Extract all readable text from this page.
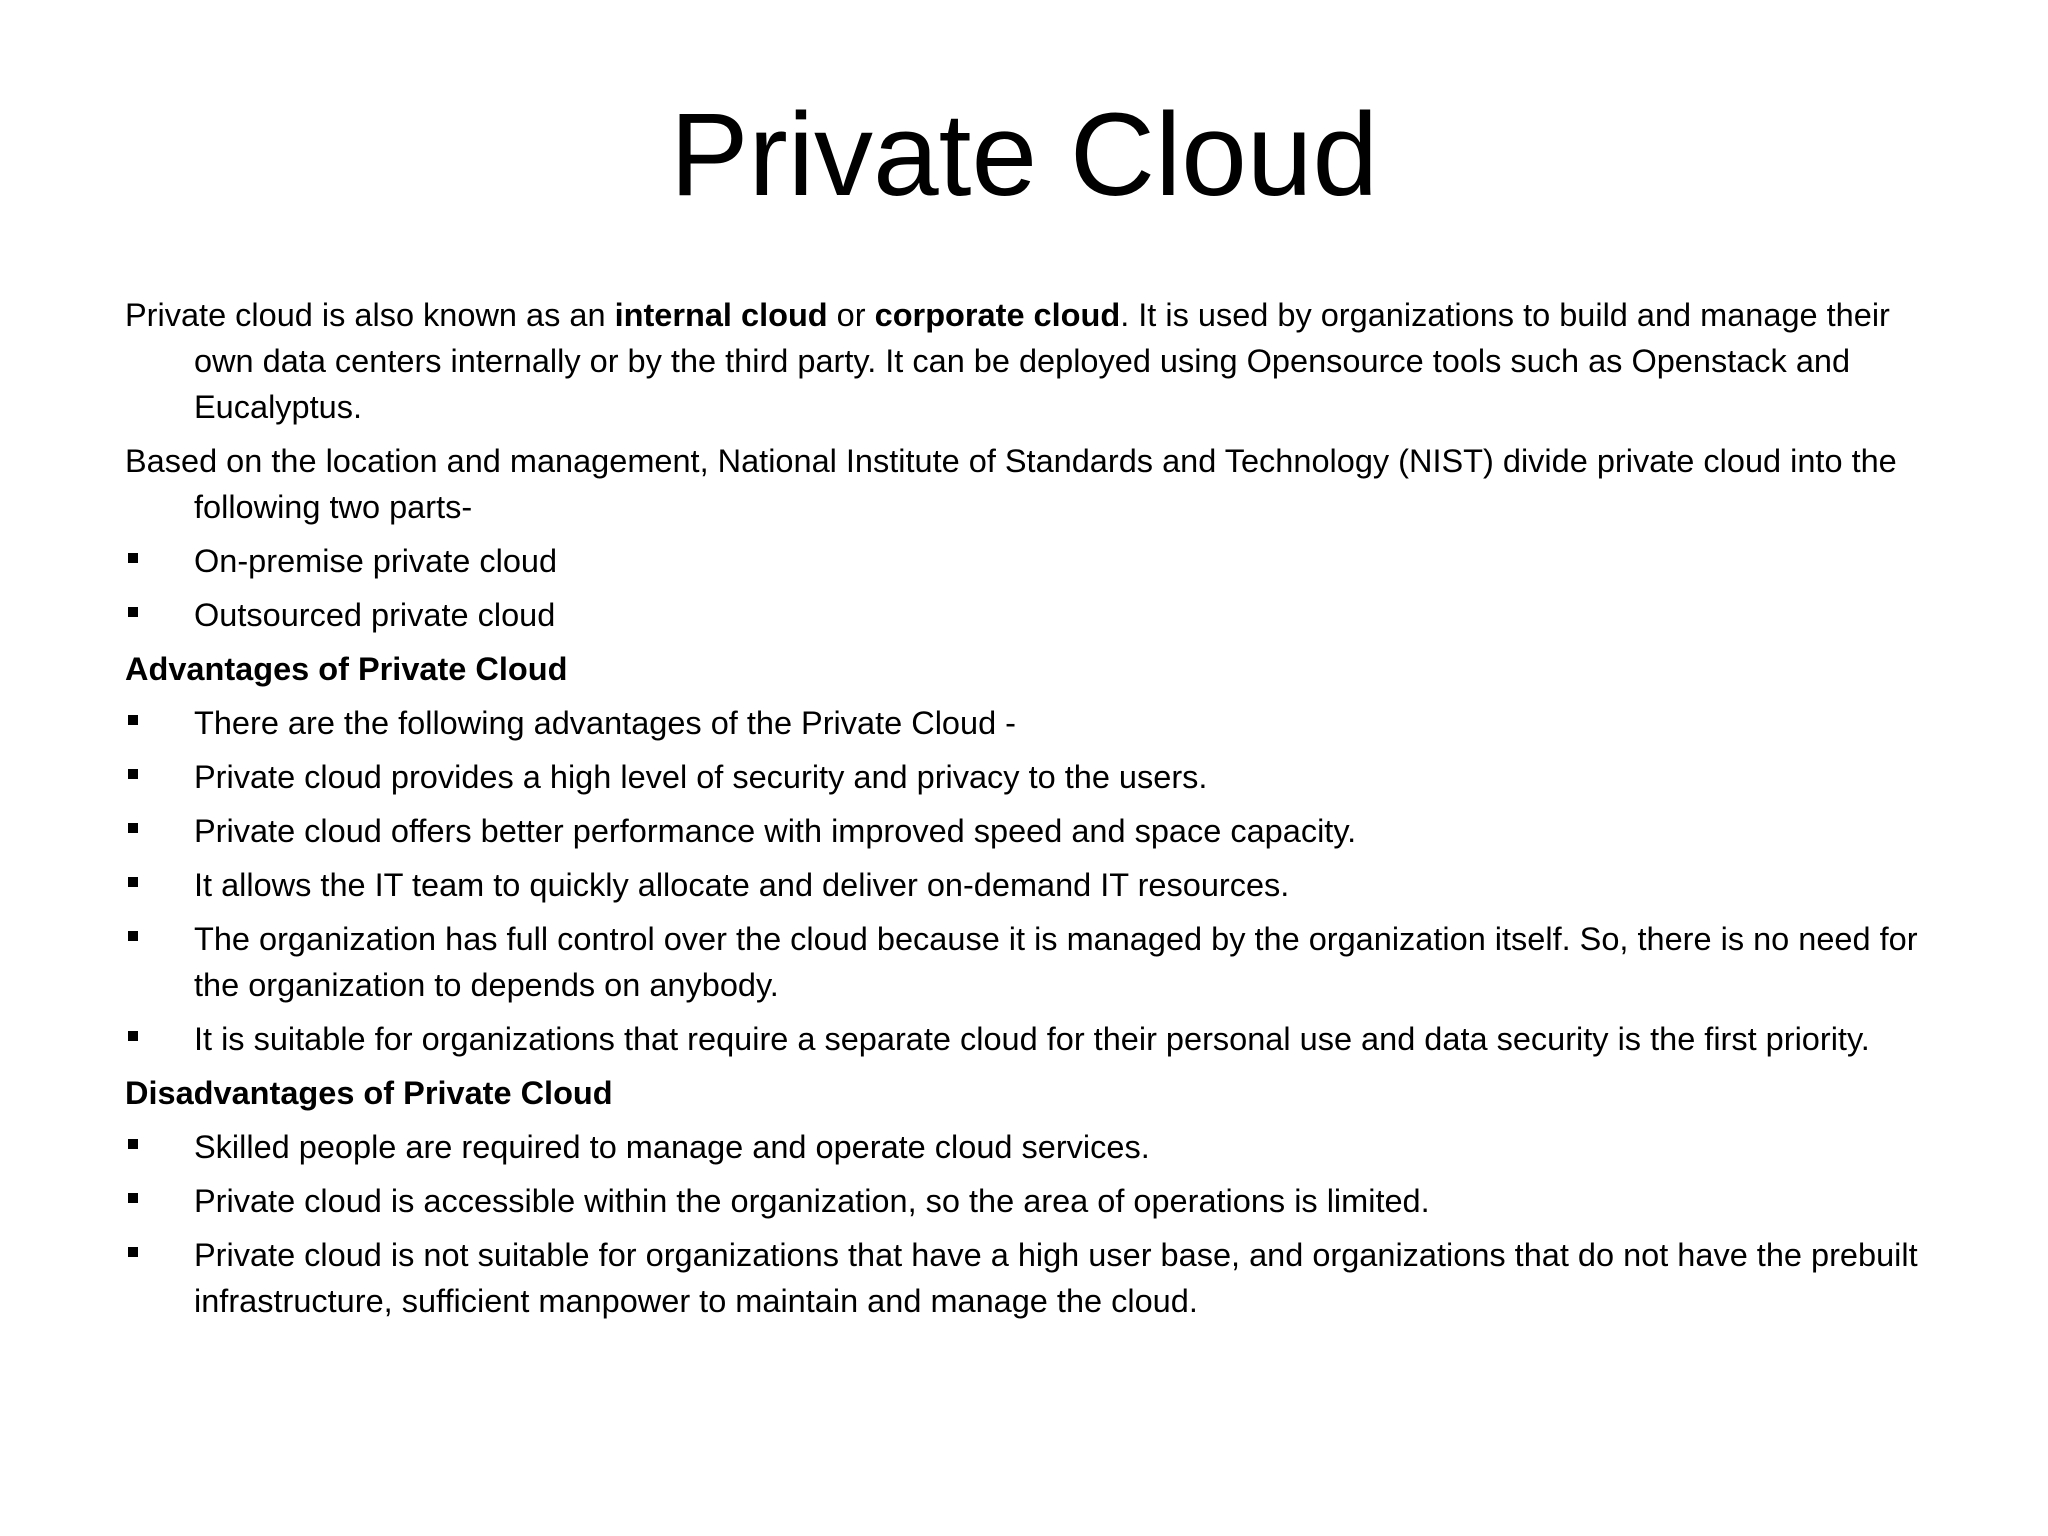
Private Cloud

Private cloud is also known as an internal cloud or corporate cloud. It is used by organizations to build and manage their own data centers internally or by the third party. It can be deployed using Opensource tools such as Openstack and Eucalyptus.

Based on the location and management, National Institute of Standards and Technology (NIST) divide private cloud into the following two parts-

On-premise private cloud
Outsourced private cloud

Advantages of Private Cloud

There are the following advantages of the Private Cloud -
Private cloud provides a high level of security and privacy to the users.
Private cloud offers better performance with improved speed and space capacity.
It allows the IT team to quickly allocate and deliver on-demand IT resources.
The organization has full control over the cloud because it is managed by the organization itself. So, there is no need for the organization to depends on anybody.
It is suitable for organizations that require a separate cloud for their personal use and data security is the first priority.

Disadvantages of Private Cloud

Skilled people are required to manage and operate cloud services.
Private cloud is accessible within the organization, so the area of operations is limited.
Private cloud is not suitable for organizations that have a high user base, and organizations that do not have the prebuilt infrastructure, sufficient manpower to maintain and manage the cloud.
